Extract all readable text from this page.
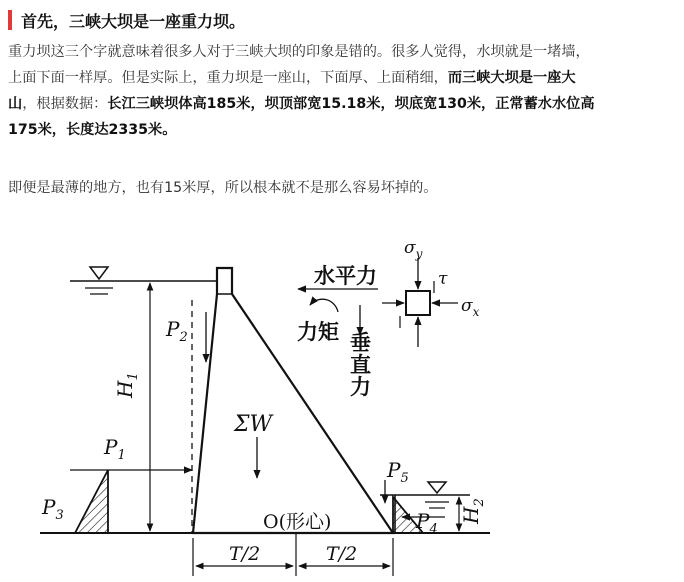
首先，三峡大坝是一座重力坝。

重力坝这三个字就意味着很多人对于三峡大坝的印象是错的。很多人觉得，水坝就是一堵墙，
上面下面一样厚。但是实际上，重力坝是一座山，下面厚、上面稍细，而三峡大坝是一座大
山，根据数据：长江三峡坝体高185米，坝顶部宽15.18米，坝底宽130米，正常蓄水水位高
175米，长度达2335米。

即便是最薄的地方，也有15米厚，所以根本就不是那么容易坏掉的。

$P_2$
$H_1$
$P_1$
$P_3$
ΣW
$P_5$
$P_4$
$H_2$
O(形心)
T/2	T/2
$\sigma_y$
τ
$\sigma_x$
水平力
力矩 垂
直
力
